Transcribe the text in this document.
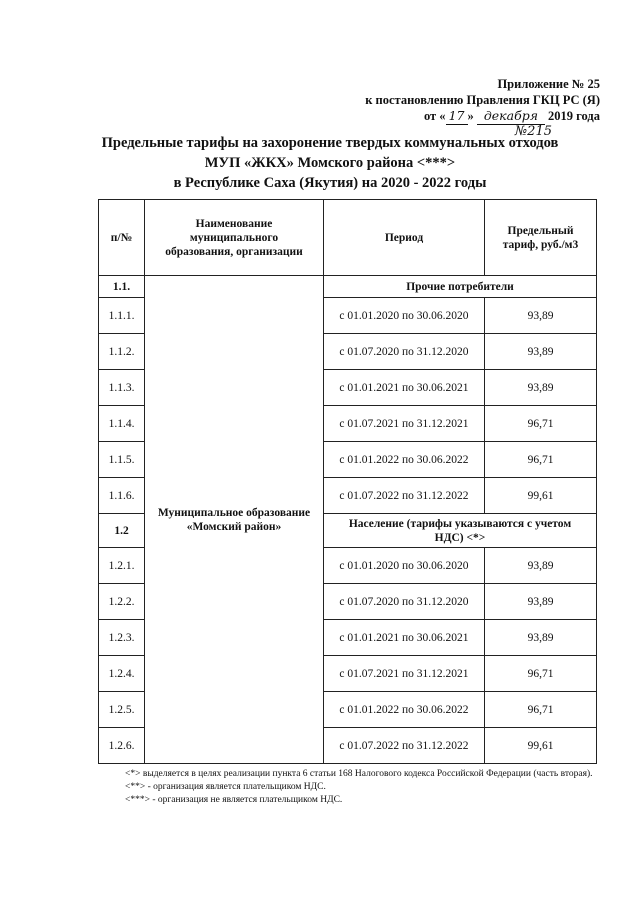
Приложение № 25
к постановлению Правления ГКЦ РС (Я)
от « 17 » декабря 2019 года
№215
Предельные тарифы на захоронение твердых коммунальных отходов
МУП «ЖКХ» Момского района <***>
в Республике Саха (Якутия) на 2020 - 2022 годы
п/№	Наименование муниципального образования, организации	Период	Предельный тариф, руб./м3
1.1.	Муниципальное образование «Момский район»	Прочие потребители	
1.1.1.		с 01.01.2020 по 30.06.2020	93,89
1.1.2.		с 01.07.2020 по 31.12.2020	93,89
1.1.3.		с 01.01.2021 по 30.06.2021	93,89
1.1.4.		с 01.07.2021 по 31.12.2021	96,71
1.1.5.		с 01.01.2022 по 30.06.2022	96,71
1.1.6.		с 01.07.2022 по 31.12.2022	99,61
1.2		Население (тарифы указываются с учетом НДС) <*>	
1.2.1.		с 01.01.2020 по 30.06.2020	93,89
1.2.2.		с 01.07.2020 по 31.12.2020	93,89
1.2.3.		с 01.01.2021 по 30.06.2021	93,89
1.2.4.		с 01.07.2021 по 31.12.2021	96,71
1.2.5.		с 01.01.2022 по 30.06.2022	96,71
1.2.6.		с 01.07.2022 по 31.12.2022	99,61

<*> выделяется в целях реализации пункта 6 статьи 168 Налогового кодекса Российской Федерации (часть вторая).

<**> - организация является плательщиком НДС.

<***> - организация не является плательщиком НДС.
